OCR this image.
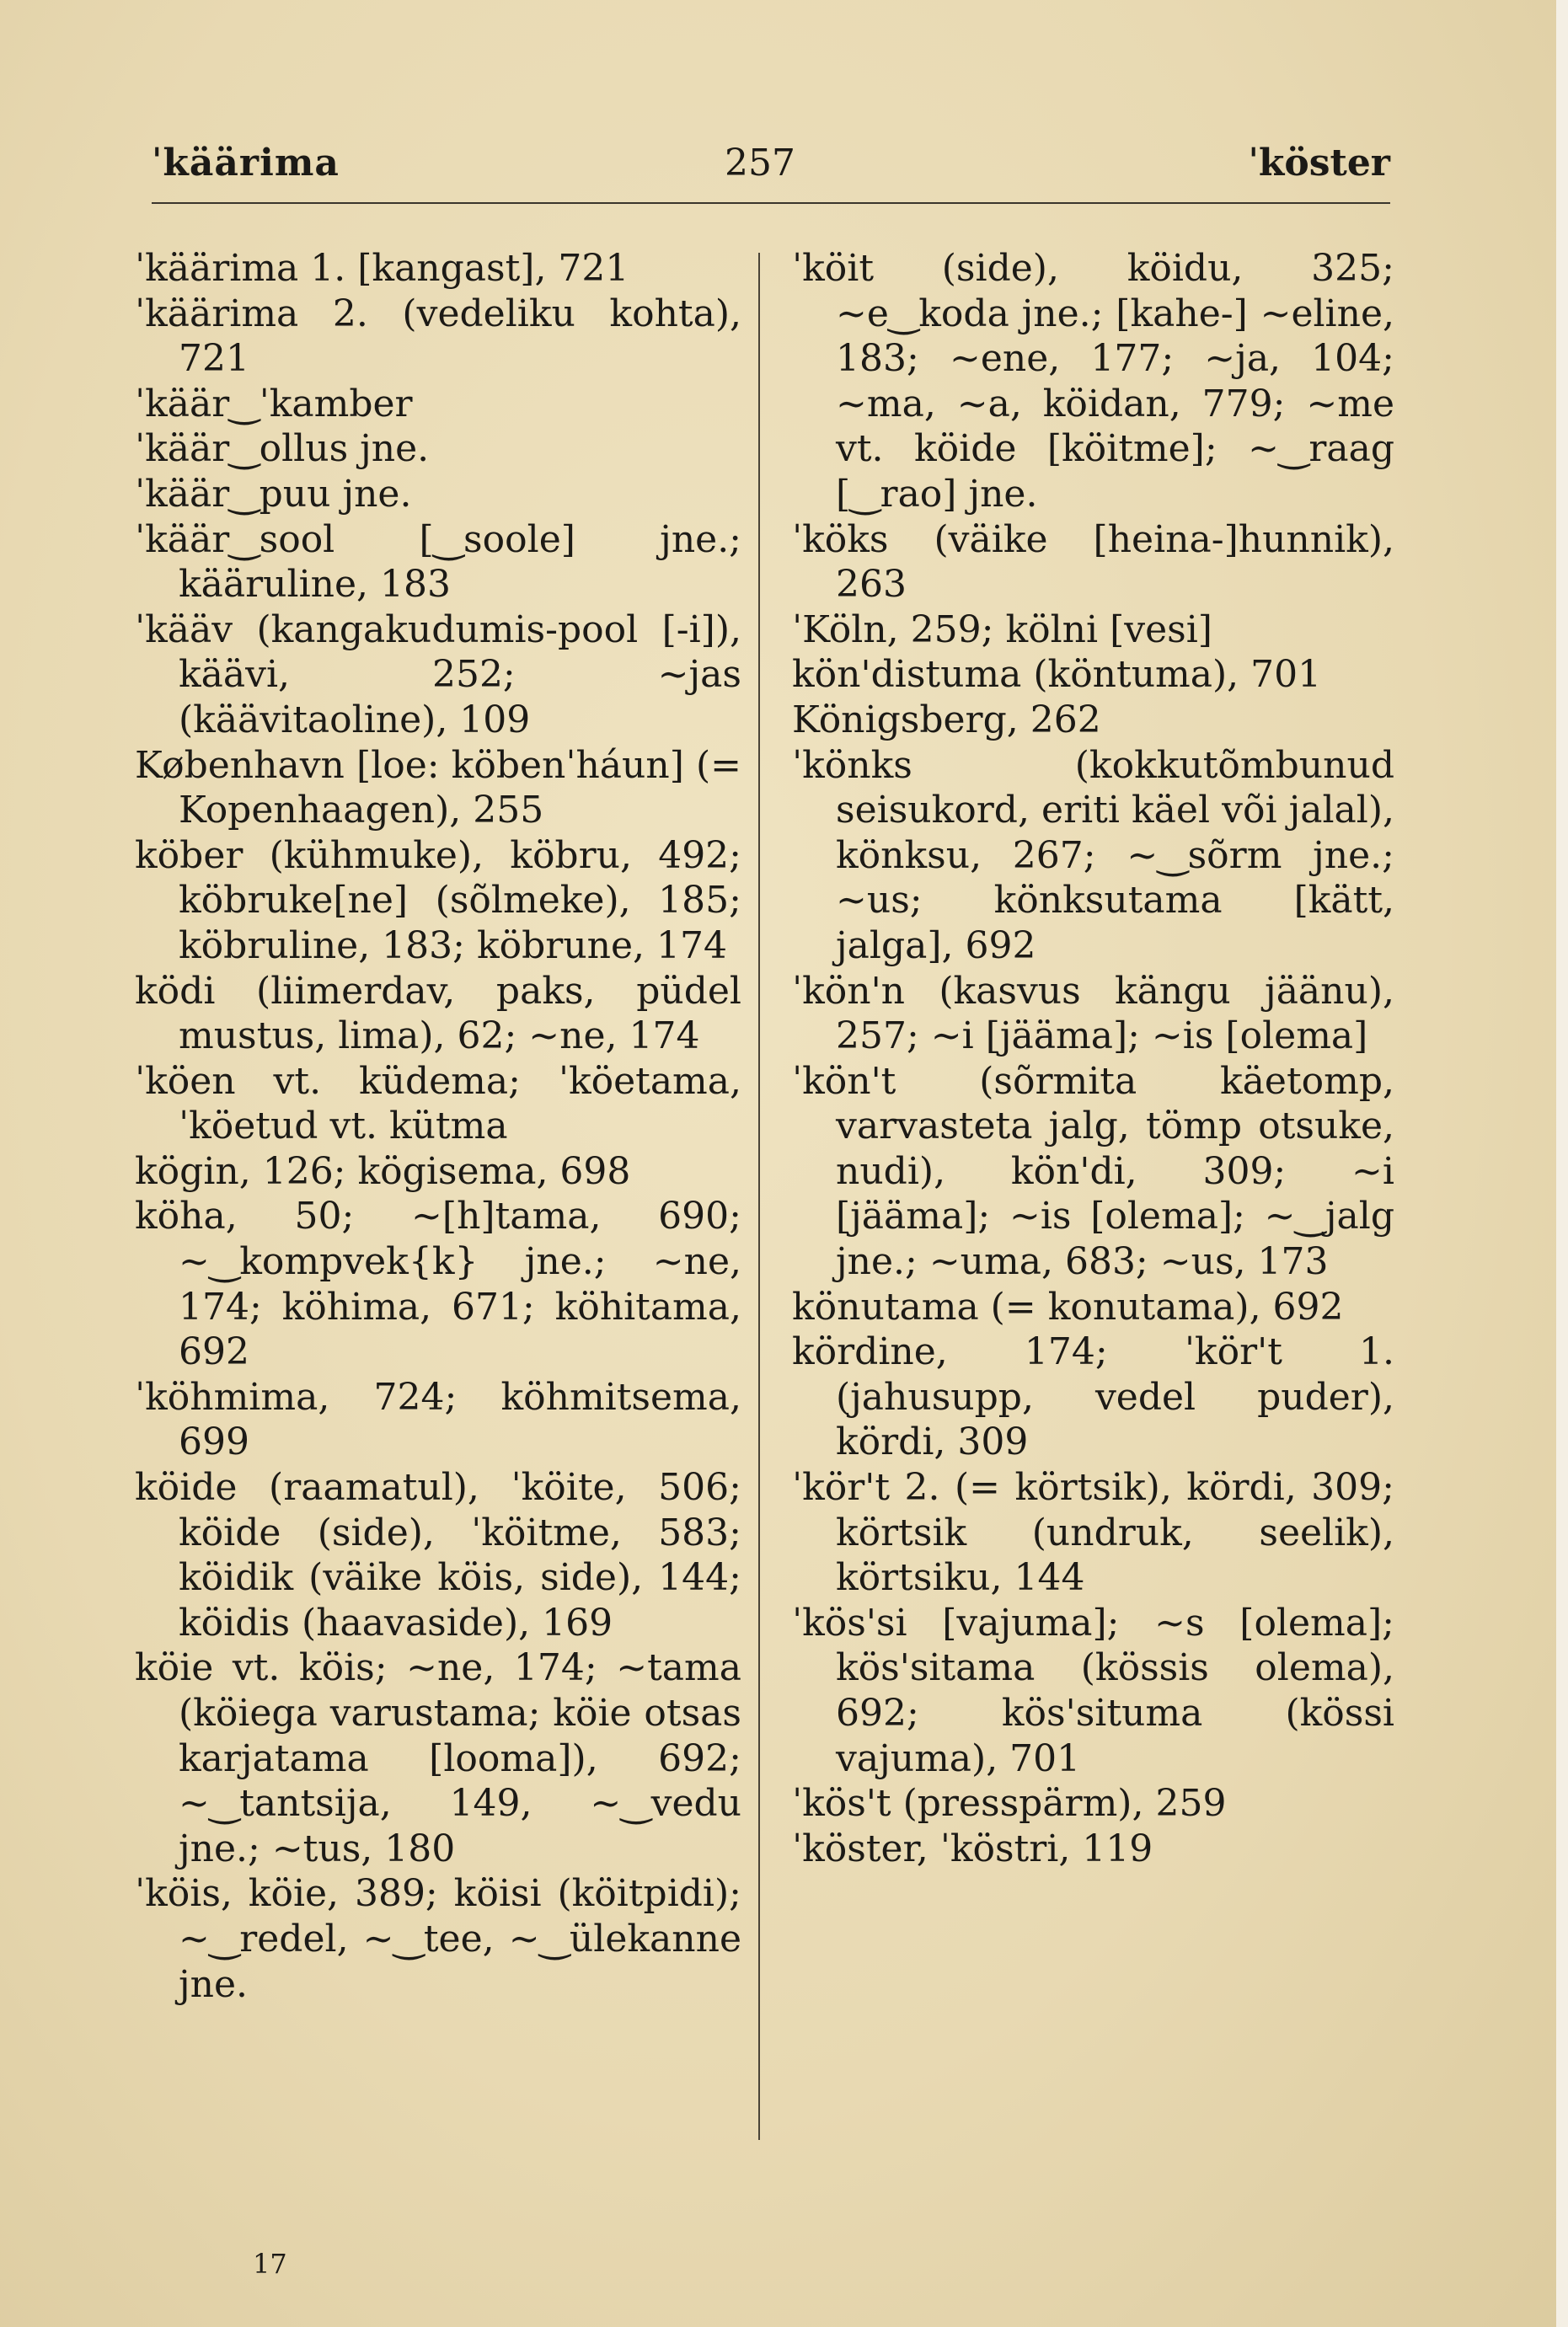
ˈkäärima	257	ˈköster

ˈkäärima 1. [kangast], 721

ˈkäärima 2. (vedeliku kohta), 721

ˈkäär‿ˈkamber

ˈkäär‿ollus jne.

ˈkäär‿puu jne.

ˈkäär‿sool [‿soole] jne.; kääruline, 183

ˈkääv (kangakudumis-pool [-i]), käävi, 252; ~jas (käävitaoline), 109

København [loe: köbenˈháun] (= Kopenhaagen), 255

köber (kühmuke), köbru, 492; köbruke[ne] (sõlmeke), 185; köbruline, 183; köbrune, 174

ködi (liimerdav, paks, püdel mustus, lima), 62; ~ne, 174

ˈköen vt. küdema; ˈköetama, ˈköetud vt. kütma

kögin, 126; kögisema, 698

köha, 50; ~[h]tama, 690; ~‿kompvek{k} jne.; ~ne, 174; köhima, 671; köhitama, 692

ˈköhmima, 724; köhmitsema, 699

köide (raamatul), ˈköite, 506; köide (side), ˈköitme, 583; köidik (väike köis, side), 144; köidis (haavaside), 169

köie vt. köis; ~ne, 174; ~tama (köiega varustama; köie otsas karjatama [looma]), 692; ~‿tantsija, 149, ~‿vedu jne.; ~tus, 180

ˈköis, köie, 389; köisi (köitpidi); ~‿redel, ~‿tee, ~‿ülekanne jne.

ˈköit (side), köidu, 325; ~e‿koda jne.; [kahe-] ~eline, 183; ~ene, 177; ~ja, 104; ~ma, ~a, köidan, 779; ~me vt. köide [köitme]; ~‿raag [‿rao] jne.

ˈköks (väike [heina-]hunnik), 263

ˈKöln, 259; kölni [vesi]

kön'distuma (köntuma), 701

Königsberg, 262

ˈkönks (kokkutõmbunud seisukord, eriti käel või jalal), könksu, 267; ~‿sõrm jne.; ~us; könksutama [kätt, jalga], 692

ˈkön'n (kasvus kängu jäänu), 257; ~i [jääma]; ~is [olema]

ˈkön't (sõrmita käetomp, varvasteta jalg, tömp otsuke, nudi), kön'di, 309; ~i [jääma]; ~is [olema]; ~‿jalg jne.; ~uma, 683; ~us, 173

könutama (= konutama), 692

kördine, 174; ˈkör't 1. (jahusupp, vedel puder), kördi, 309

ˈkör't 2. (= körtsik), kördi, 309; körtsik (undruk, seelik), körtsiku, 144

ˈkös'si [vajuma]; ~s [olema]; kös'sitama (kössis olema), 692; kös'situma (kössi vajuma), 701

ˈkös't (presspärm), 259

ˈköster, ˈköstri, 119

17
